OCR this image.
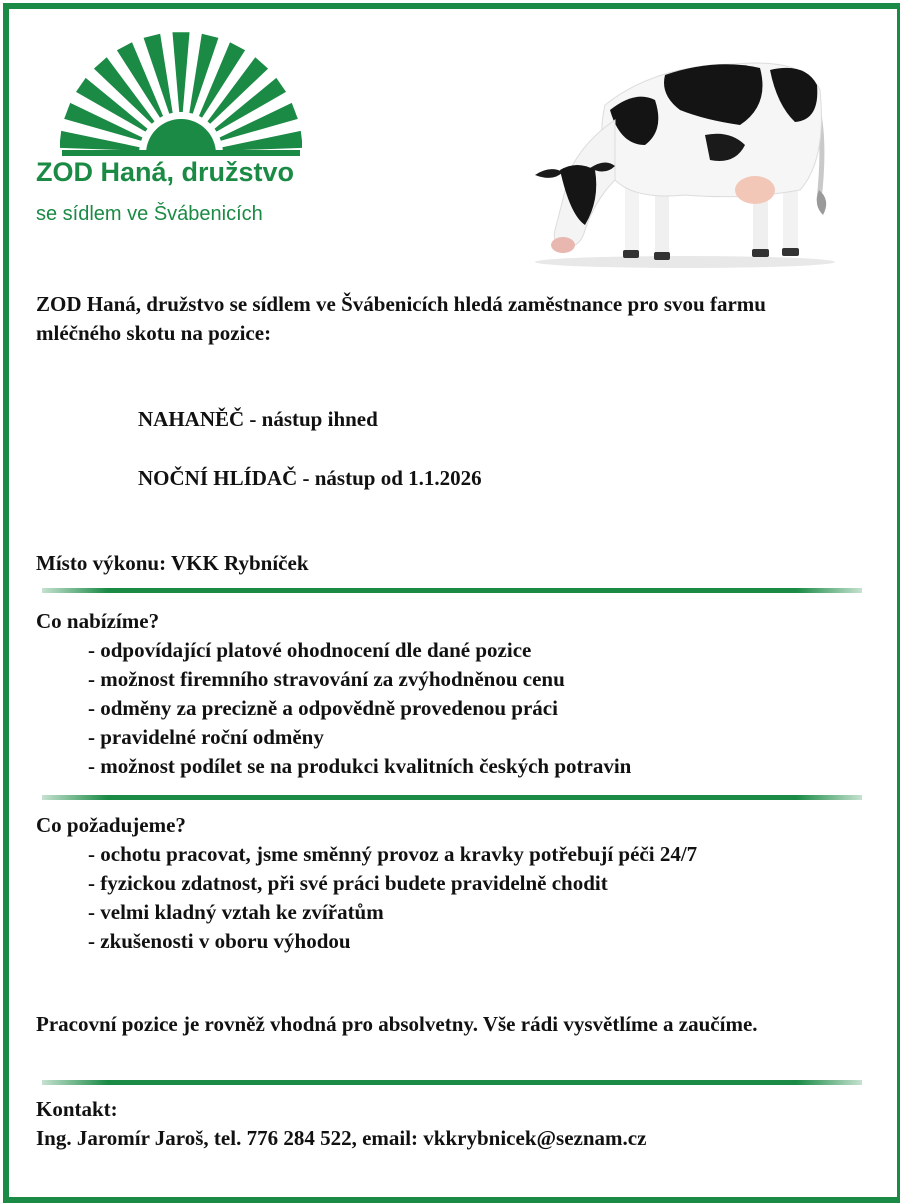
ZOD Haná, družstvo
se sídlem ve Švábenicích
ZOD Haná, družstvo se sídlem ve Švábenicích hledá zaměstnance pro svou farmu mléčného skotu na pozice:
NAHANĚČ - nástup ihned
NOČNÍ HLÍDAČ - nástup od 1.1.2026
Místo výkonu: VKK Rybníček
Co nabízíme?
- odpovídající platové ohodnocení dle dané pozice
- možnost firemního stravování za zvýhodněnou cenu
- odměny za precizně a odpovědně provedenou práci
- pravidelné roční odměny
- možnost podílet se na produkci kvalitních českých potravin
Co požadujeme?
- ochotu pracovat, jsme směnný provoz a kravky potřebují péči 24/7
- fyzickou zdatnost, při své práci budete pravidelně chodit
- velmi kladný vztah ke zvířatům
- zkušenosti v oboru výhodou
Pracovní pozice je rovněž vhodná pro absolvetny. Vše rádi vysvětlíme a zaučíme.
Kontakt:
Ing. Jaromír Jaroš, tel. 776 284 522, email: vkkrybnicek@seznam.cz
